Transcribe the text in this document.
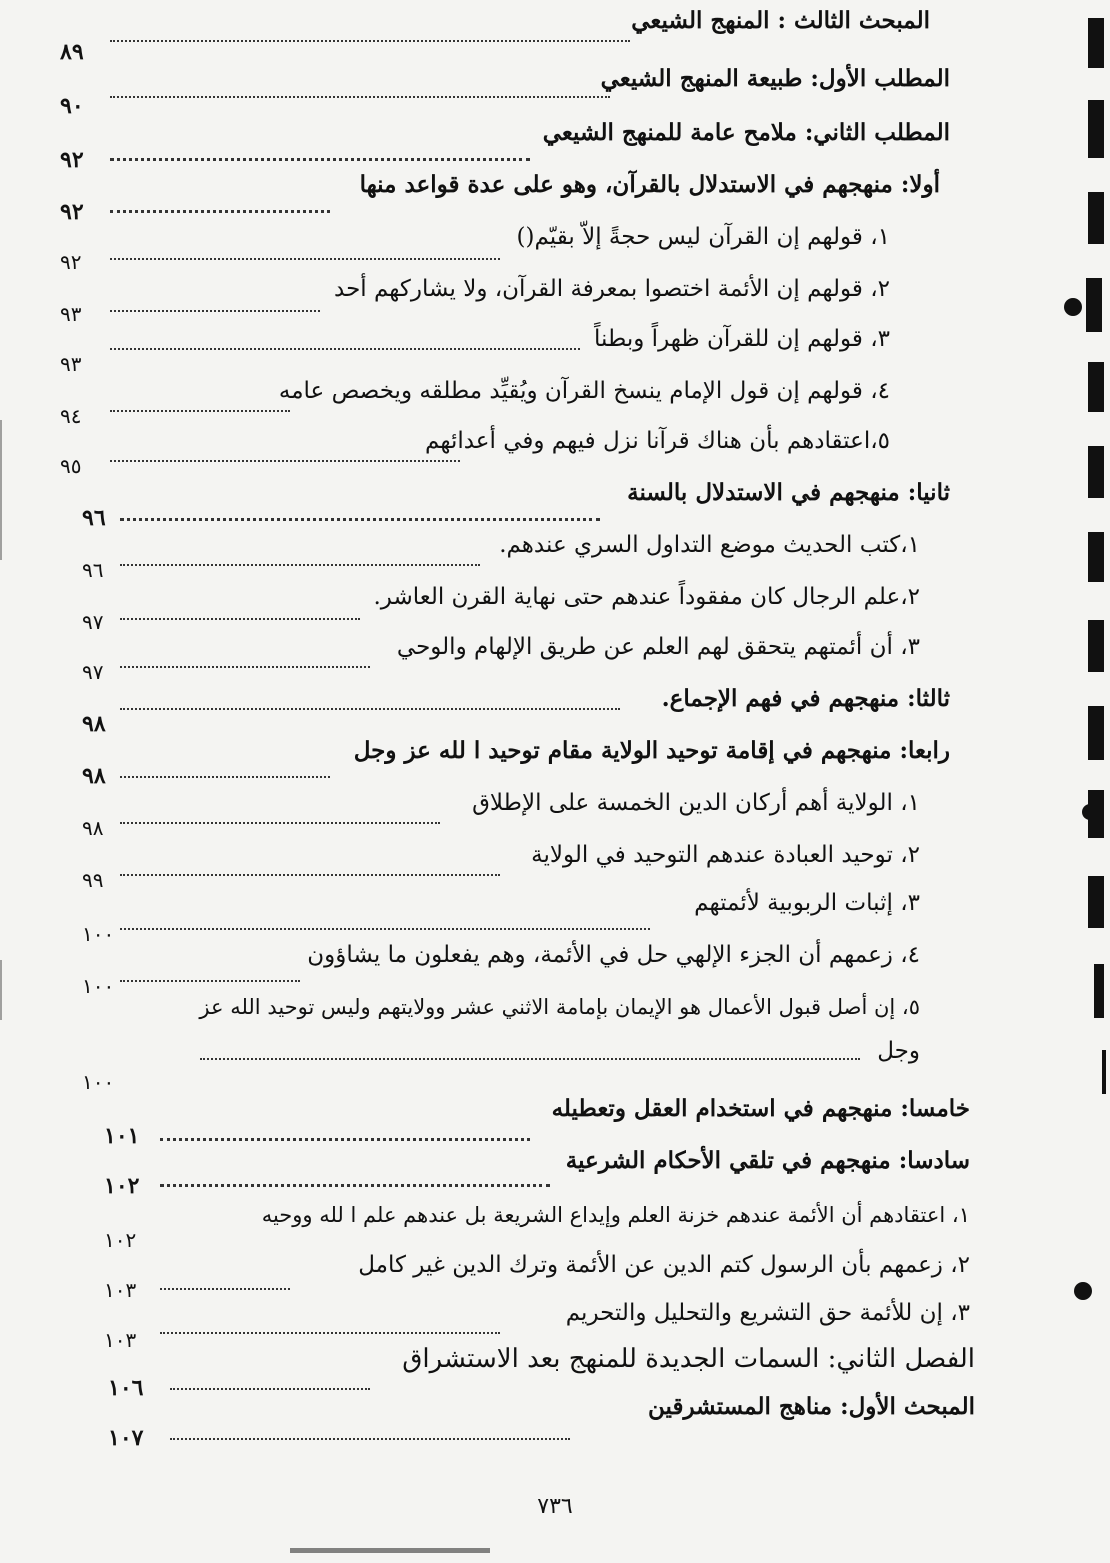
المبحث الثالث : المنهج الشيعي
٨٩
المطلب الأول: طبيعة المنهج الشيعي
٩٠
المطلب الثاني: ملامح عامة للمنهج الشيعي
٩٢
أولا: منهجهم في الاستدلال بالقرآن، وهو على عدة قواعد منها
٩٢
١، قولهم إن القرآن ليس حجةً إلاّ بقيّم()
٩٢
٢، قولهم إن الأئمة اختصوا بمعرفة القرآن، ولا يشاركهم أحد
٩٣
٣، قولهم إن للقرآن ظهراً وبطناً
٩٣
٤، قولهم إن قول الإمام ينسخ القرآن ويُقيِّد مطلقه ويخصص عامه
٩٤
٥،اعتقادهم بأن هناك قرآنا نزل فيهم وفي أعدائهم
٩٥
ثانيا: منهجهم في الاستدلال بالسنة
٩٦
١،كتب الحديث موضع التداول السري عندهم.
٩٦
٢،علم الرجال كان مفقوداً عندهم حتى نهاية القرن العاشر.
٩٧
٣، أن أئمتهم يتحقق لهم العلم عن طريق الإلهام والوحي
٩٧
ثالثا: منهجهم في فهم الإجماع.
٩٨
رابعا: منهجهم في إقامة توحيد الولاية مقام توحيد ا لله عز وجل
٩٨
١، الولاية أهم أركان الدين الخمسة على الإطلاق
٩٨
٢، توحيد العبادة عندهم التوحيد في الولاية
٩٩
٣، إثبات الربوبية لأئمتهم
١٠٠
٤، زعمهم أن الجزء الإلهي حل في الأئمة، وهم يفعلون ما يشاؤون
١٠٠
٥، إن أصل قبول الأعمال هو الإيمان بإمامة الاثني عشر وولايتهم وليس توحيد الله عز
وجل
١٠٠
خامسا: منهجهم في استخدام العقل وتعطيله
١٠١
سادسا: منهجهم في تلقي الأحكام الشرعية
١٠٢
١، اعتقادهم أن الأئمة عندهم خزنة العلم وإيداع الشريعة بل عندهم علم ا لله ووحيه
١٠٢
٢، زعمهم بأن الرسول كتم الدين عن الأئمة وترك الدين غير كامل
١٠٣
٣، إن للأئمة حق التشريع والتحليل والتحريم
١٠٣
الفصل الثاني: السمات الجديدة للمنهج بعد الاستشراق
١٠٦
المبحث الأول: مناهج المستشرقين
١٠٧
٧٣٦
